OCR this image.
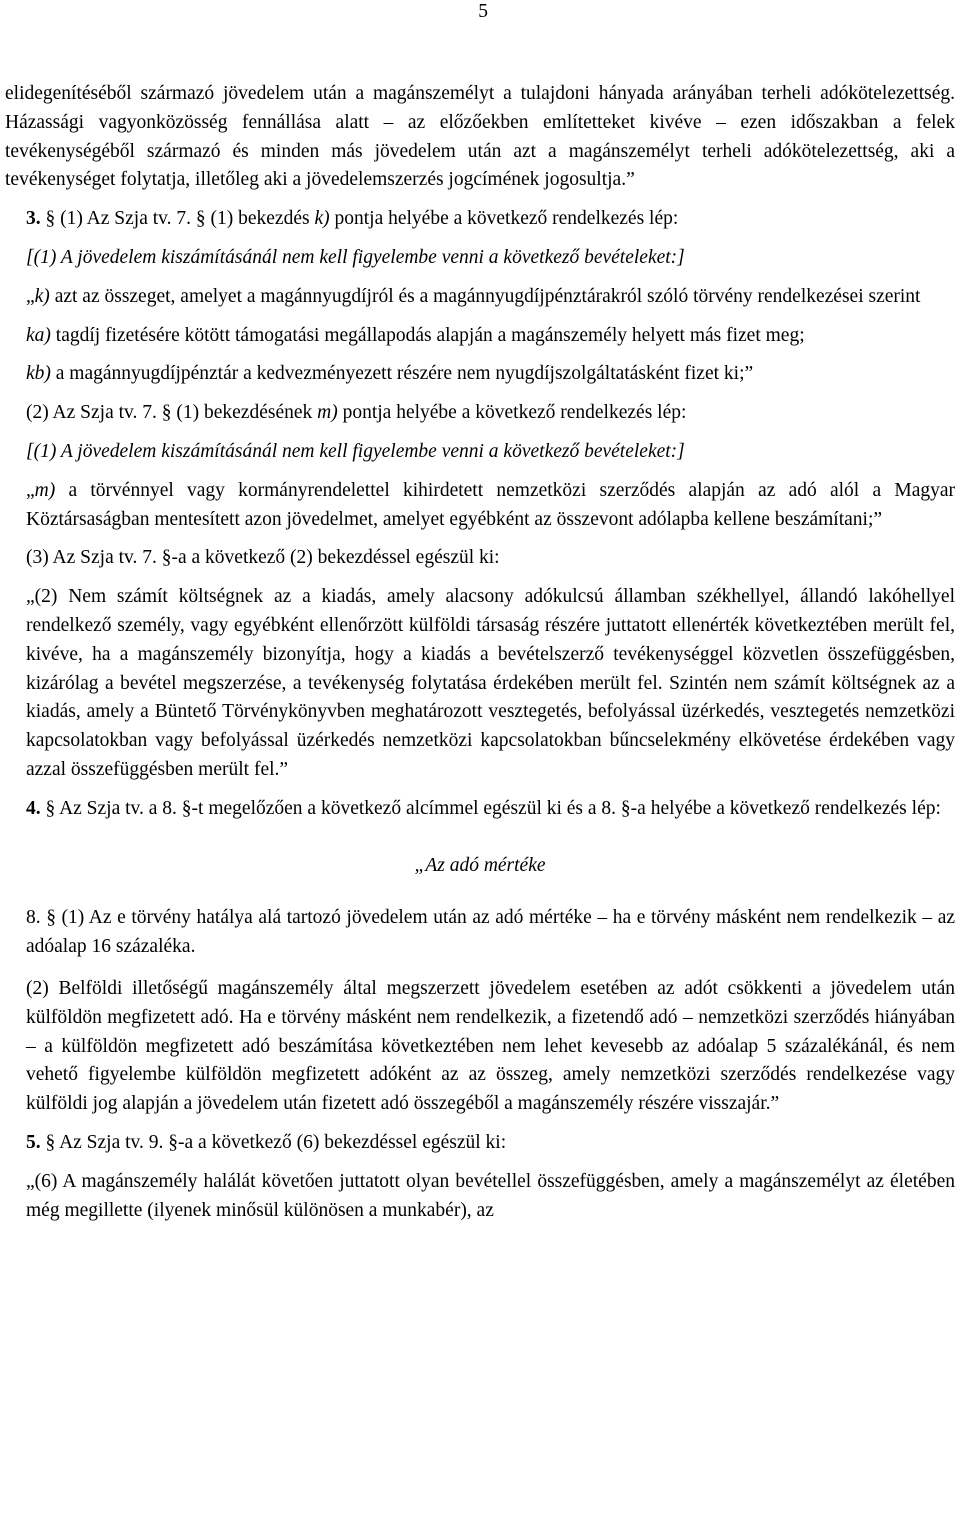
5

elidegenítéséből származó jövedelem után a magánszemélyt a tulajdoni hányada arányában terheli adókötelezettség. Házassági vagyonközösség fennállása alatt – az előzőekben említetteket kivéve – ezen időszakban a felek tevékenységéből származó és minden más jövedelem után azt a magánszemélyt terheli adókötelezettség, aki a tevékenységet folytatja, illetőleg aki a jövedelemszerzés jogcímének jogosultja.”

3. § (1) Az Szja tv. 7. § (1) bekezdés k) pontja helyébe a következő rendelkezés lép:

[(1) A jövedelem kiszámításánál nem kell figyelembe venni a következő bevételeket:]

„k) azt az összeget, amelyet a magánnyugdíjról és a magánnyugdíjpénztárakról szóló törvény rendelkezései szerint

ka) tagdíj fizetésére kötött támogatási megállapodás alapján a magánszemély helyett más fizet meg;

kb) a magánnyugdíjpénztár a kedvezményezett részére nem nyugdíjszolgáltatásként fizet ki;”

(2) Az Szja tv. 7. § (1) bekezdésének m) pontja helyébe a következő rendelkezés lép:

[(1) A jövedelem kiszámításánál nem kell figyelembe venni a következő bevételeket:]

„m) a törvénnyel vagy kormányrendelettel kihirdetett nemzetközi szerződés alapján az adó alól a Magyar Köztársaságban mentesített azon jövedelmet, amelyet egyébként az összevont adólapba kellene beszámítani;”

(3) Az Szja tv. 7. §-a a következő (2) bekezdéssel egészül ki:

„(2) Nem számít költségnek az a kiadás, amely alacsony adókulcsú államban székhellyel, állandó lakóhellyel rendelkező személy, vagy egyébként ellenőrzött külföldi társaság részére juttatott ellenérték következtében merült fel, kivéve, ha a magánszemély bizonyítja, hogy a kiadás a bevételszerző tevékenységgel közvetlen összefüggésben, kizárólag a bevétel megszerzése, a tevékenység folytatása érdekében merült fel. Szintén nem számít költségnek az a kiadás, amely a Büntető Törvénykönyvben meghatározott vesztegetés, befolyással üzérkedés, vesztegetés nemzetközi kapcsolatokban vagy befolyással üzérkedés nemzetközi kapcsolatokban bűncselekmény elkövetése érdekében vagy azzal összefüggésben merült fel.”

4. § Az Szja tv. a 8. §-t megelőzően a következő alcímmel egészül ki és a 8. §-a helyébe a következő rendelkezés lép:

„Az adó mértéke

8. § (1) Az e törvény hatálya alá tartozó jövedelem után az adó mértéke – ha e törvény másként nem rendelkezik – az adóalap 16 százaléka.

(2) Belföldi illetőségű magánszemély által megszerzett jövedelem esetében az adót csökkenti a jövedelem után külföldön megfizetett adó. Ha e törvény másként nem rendelkezik, a fizetendő adó – nemzetközi szerződés hiányában – a külföldön megfizetett adó beszámítása következtében nem lehet kevesebb az adóalap 5 százalékánál, és nem vehető figyelembe külföldön megfizetett adóként az az összeg, amely nemzetközi szerződés rendelkezése vagy külföldi jog alapján a jövedelem után fizetett adó összegéből a magánszemély részére visszajár.”

5. § Az Szja tv. 9. §-a a következő (6) bekezdéssel egészül ki:

„(6) A magánszemély halálát követően juttatott olyan bevétellel összefüggésben, amely a magánszemélyt az életében még megillette (ilyenek minősül különösen a munkabér), az
